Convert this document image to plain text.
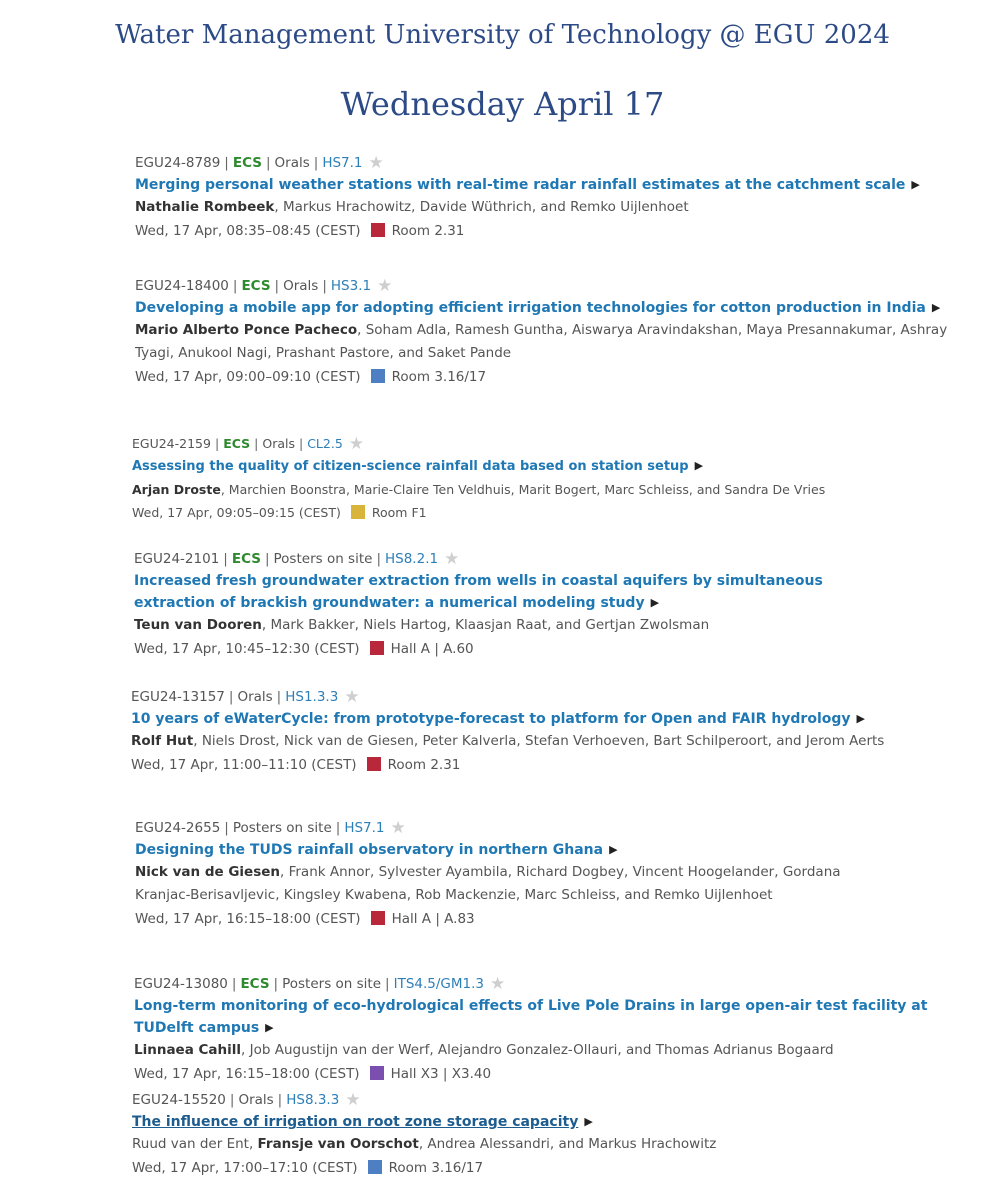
Water Management University of Technology @ EGU 2024
Wednesday April 17
EGU24-8789 | ECS | Orals | HS7.1 ★
Merging personal weather stations with real-time radar rainfall estimates at the catchment scale ▶
Nathalie Rombeek, Markus Hrachowitz, Davide Wüthrich, and Remko Uijlenhoet
Wed, 17 Apr, 08:35–08:45 (CEST) Room 2.31
EGU24-18400 | ECS | Orals | HS3.1 ★
Developing a mobile app for adopting efficient irrigation technologies for cotton production in India ▶
Mario Alberto Ponce Pacheco, Soham Adla, Ramesh Guntha, Aiswarya Aravindakshan, Maya Presannakumar, Ashray Tyagi, Anukool Nagi, Prashant Pastore, and Saket Pande
Wed, 17 Apr, 09:00–09:10 (CEST) Room 3.16/17
EGU24-2159 | ECS | Orals | CL2.5 ★
Assessing the quality of citizen-science rainfall data based on station setup ▶
Arjan Droste, Marchien Boonstra, Marie-Claire Ten Veldhuis, Marit Bogert, Marc Schleiss, and Sandra De Vries
Wed, 17 Apr, 09:05–09:15 (CEST) Room F1
EGU24-2101 | ECS | Posters on site | HS8.2.1 ★
Increased fresh groundwater extraction from wells in coastal aquifers by simultaneous extraction of brackish groundwater: a numerical modeling study ▶
Teun van Dooren, Mark Bakker, Niels Hartog, Klaasjan Raat, and Gertjan Zwolsman
Wed, 17 Apr, 10:45–12:30 (CEST) Hall A | A.60
EGU24-13157 | Orals | HS1.3.3 ★
10 years of eWaterCycle: from prototype-forecast to platform for Open and FAIR hydrology ▶
Rolf Hut, Niels Drost, Nick van de Giesen, Peter Kalverla, Stefan Verhoeven, Bart Schilperoort, and Jerom Aerts
Wed, 17 Apr, 11:00–11:10 (CEST) Room 2.31
EGU24-2655 | Posters on site | HS7.1 ★
Designing the TUDS rainfall observatory in northern Ghana ▶
Nick van de Giesen, Frank Annor, Sylvester Ayambila, Richard Dogbey, Vincent Hoogelander, Gordana Kranjac-Berisavljevic, Kingsley Kwabena, Rob Mackenzie, Marc Schleiss, and Remko Uijlenhoet
Wed, 17 Apr, 16:15–18:00 (CEST) Hall A | A.83
EGU24-13080 | ECS | Posters on site | ITS4.5/GM1.3 ★
Long-term monitoring of eco-hydrological effects of Live Pole Drains in large open-air test facility at TUDelft campus ▶
Linnaea Cahill, Job Augustijn van der Werf, Alejandro Gonzalez-Ollauri, and Thomas Adrianus Bogaard
Wed, 17 Apr, 16:15–18:00 (CEST) Hall X3 | X3.40
EGU24-15520 | Orals | HS8.3.3 ★
The influence of irrigation on root zone storage capacity ▶
Ruud van der Ent, Fransje van Oorschot, Andrea Alessandri, and Markus Hrachowitz
Wed, 17 Apr, 17:00–17:10 (CEST) Room 3.16/17
